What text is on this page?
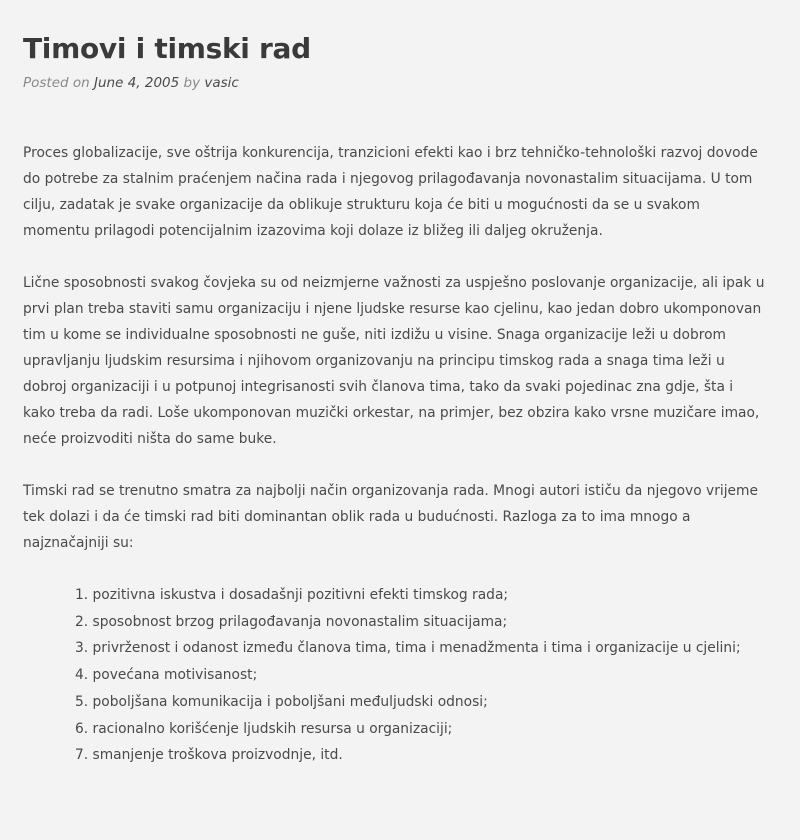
Timovi i timski rad
Posted on June 4, 2005 by vasic

Proces globalizacije, sve oštrija konkurencija, tranzicioni efekti kao i brz tehničko-tehnološki razvoj dovode do potrebe za stalnim praćenjem načina rada i njegovog prilagođavanja novonastalim situacijama. U tom cilju, zadatak je svake organizacije da oblikuje strukturu koja će biti u mogućnosti da se u svakom momentu prilagodi potencijalnim izazovima koji dolaze iz bližeg ili daljeg okruženja.

Lične sposobnosti svakog čovjeka su od neizmjerne važnosti za uspješno poslovanje organizacije, ali ipak u prvi plan treba staviti samu organizaciju i njene ljudske resurse kao cjelinu, kao jedan dobro ukomponovan tim u kome se individualne sposobnosti ne guše, niti izdižu u visine. Snaga organizacije leži u dobrom upravljanju ljudskim resursima i njihovom organizovanju na principu timskog rada a snaga tima leži u dobroj organizaciji i u potpunoj integrisanosti svih članova tima, tako da svaki pojedinac zna gdje, šta i kako treba da radi. Loše ukomponovan muzički orkestar, na primjer, bez obzira kako vrsne muzičare imao, neće proizvoditi ništa do same buke.

Timski rad se trenutno smatra za najbolji način organizovanja rada. Mnogi autori ističu da njegovo vrijeme tek dolazi i da će timski rad biti dominantan oblik rada u budućnosti. Razloga za to ima mnogo a najznačajniji su:

1. pozitivna iskustva i dosadašnji pozitivni efekti timskog rada;
2. sposobnost brzog prilagođavanja novonastalim situacijama;
3. privrženost i odanost između članova tima, tima i menadžmenta i tima i organizacije u cjelini;
4. povećana motivisanost;
5. poboljšana komunikacija i poboljšani međuljudski odnosi;
6. racionalno korišćenje ljudskih resursa u organizaciji;
7. smanjenje troškova proizvodnje, itd.
